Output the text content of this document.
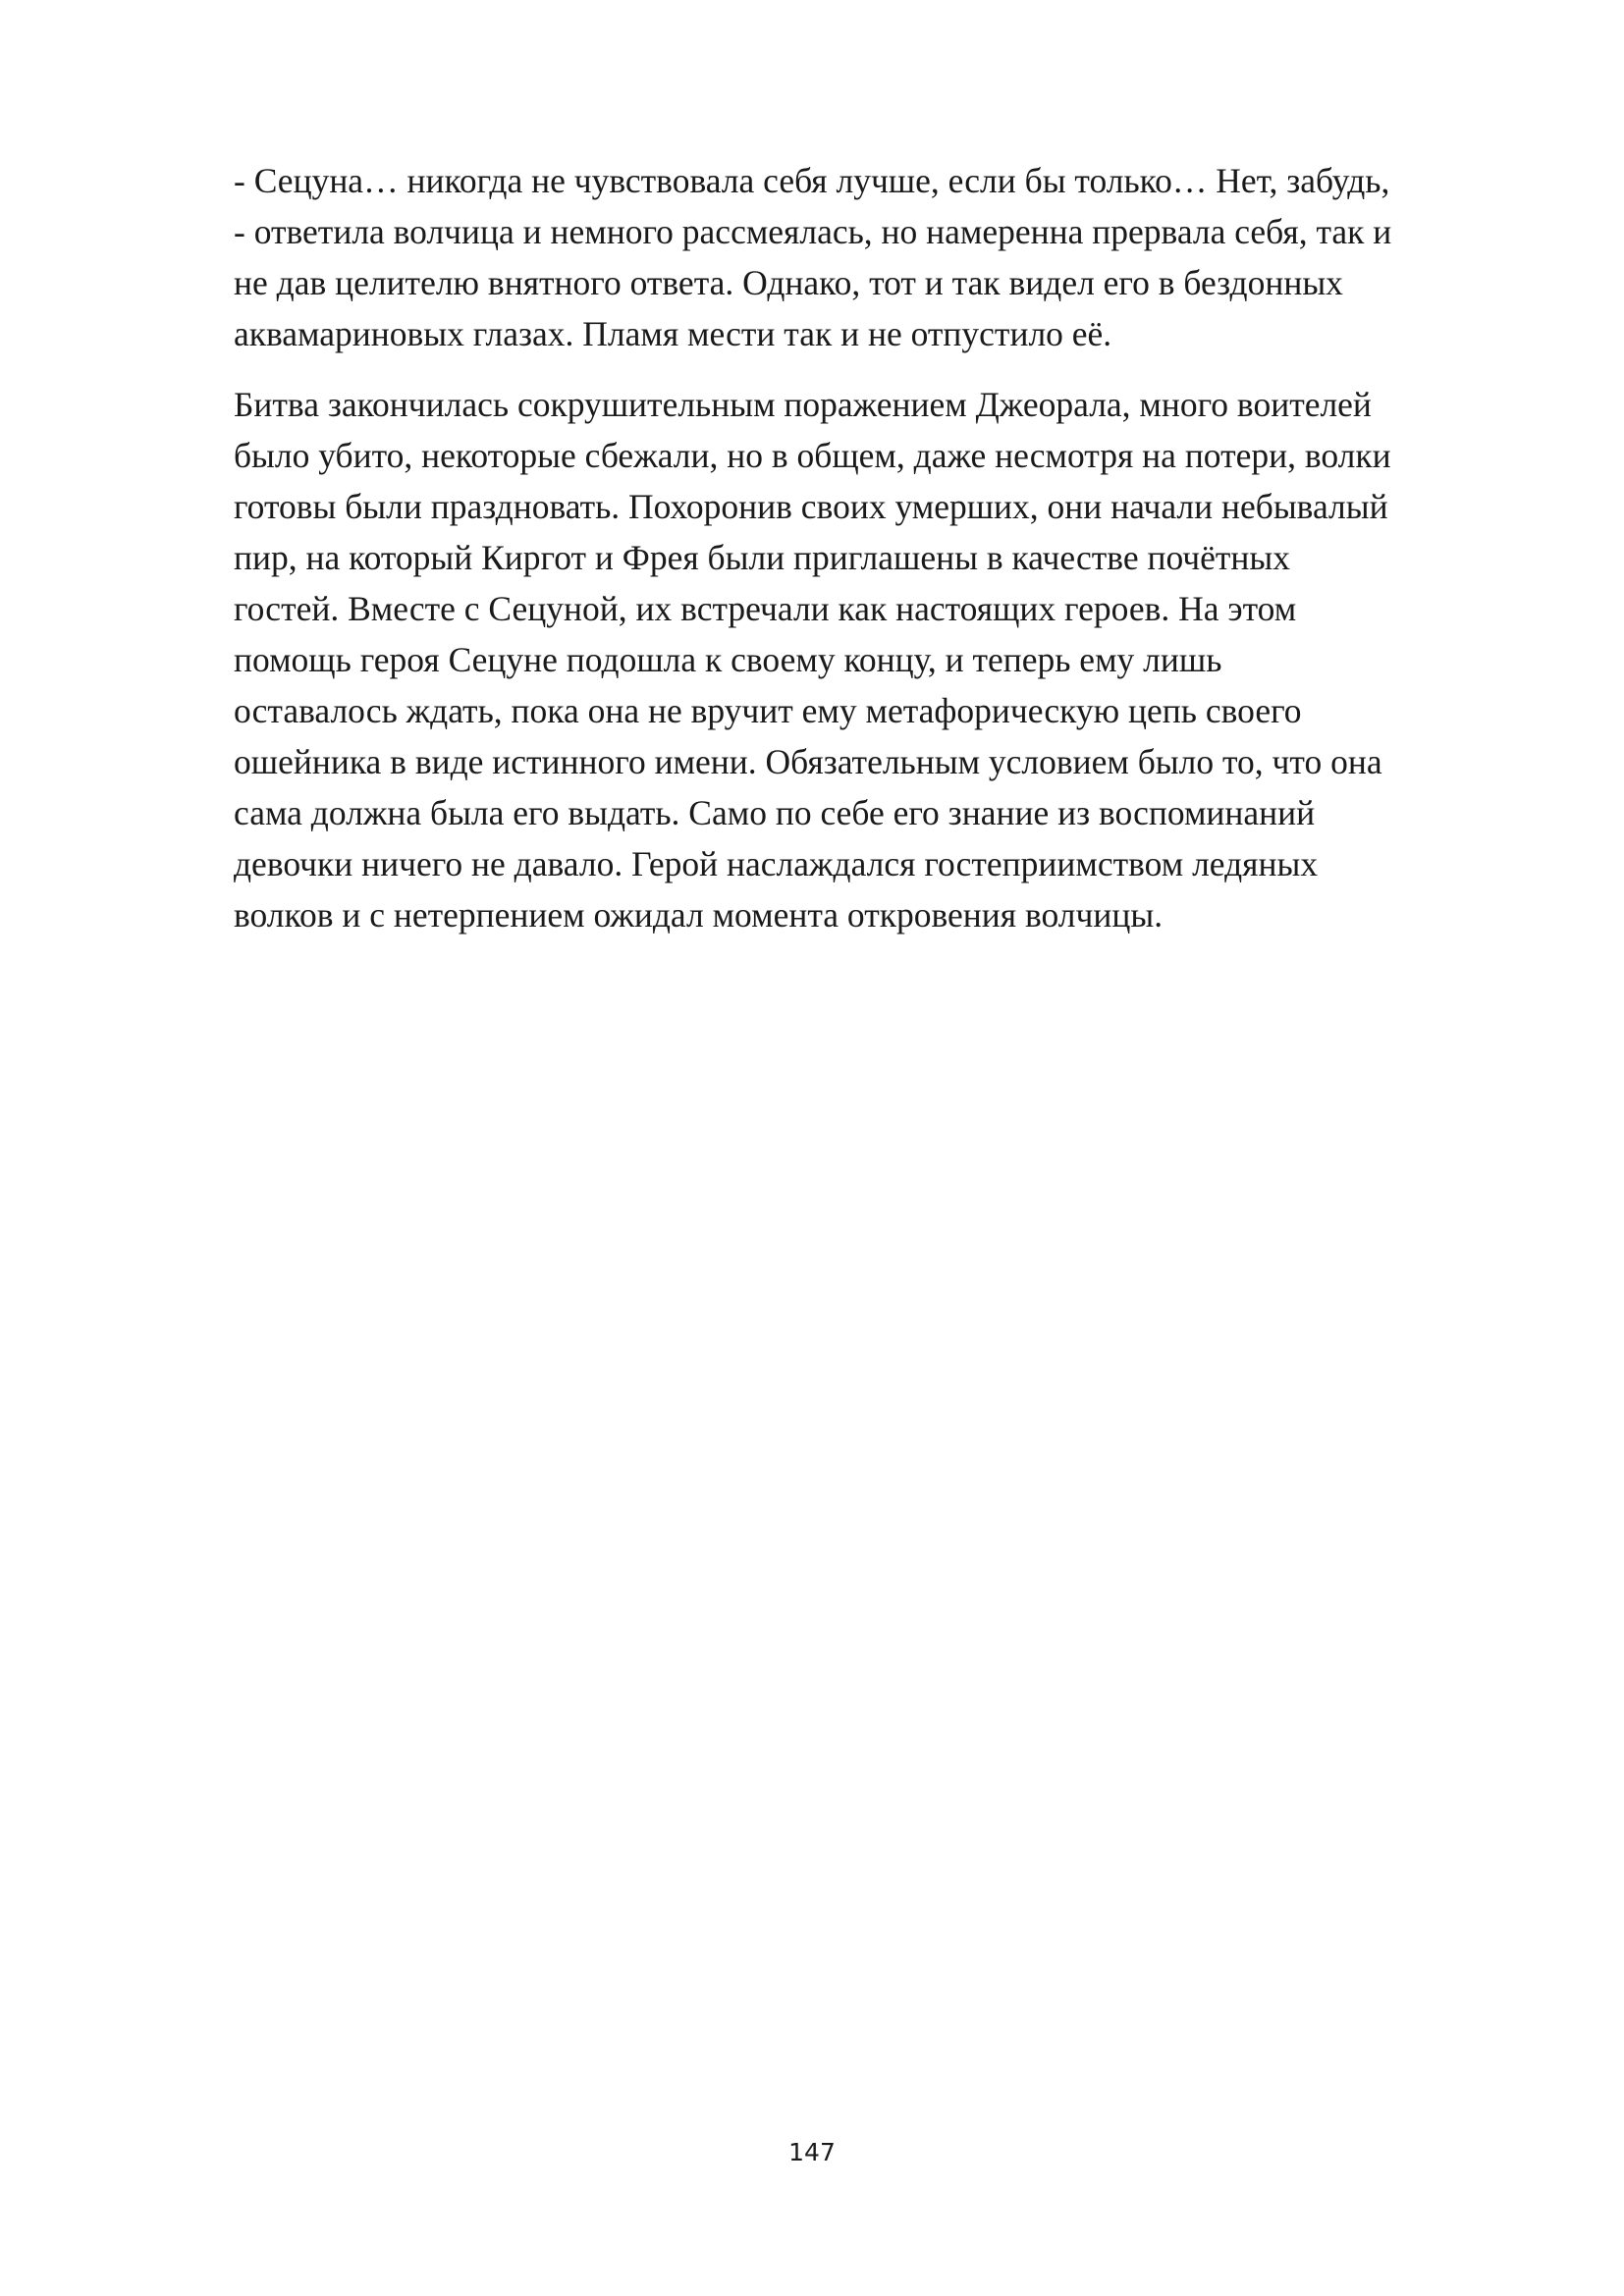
- Сецуна… никогда не чувствовала себя лучше, если бы только… Нет, забудь,
- ответила волчица и немного рассмеялась, но намеренна прервала себя, так и
не дав целителю внятного ответа. Однако, тот и так видел его в бездонных
аквамариновых глазах. Пламя мести так и не отпустило её.

Битва закончилась сокрушительным поражением Джеорала, много воителей
было убито, некоторые сбежали, но в общем, даже несмотря на потери, волки
готовы были праздновать. Похоронив своих умерших, они начали небывалый
пир, на который Киргот и Фрея были приглашены в качестве почётных
гостей. Вместе с Сецуной, их встречали как настоящих героев. На этом
помощь героя Сецуне подошла к своему концу, и теперь ему лишь
оставалось ждать, пока она не вручит ему метафорическую цепь своего
ошейника в виде истинного имени. Обязательным условием было то, что она
сама должна была его выдать. Само по себе его знание из воспоминаний
девочки ничего не давало. Герой наслаждался гостеприимством ледяных
волков и с нетерпением ожидал момента откровения волчицы.

147
